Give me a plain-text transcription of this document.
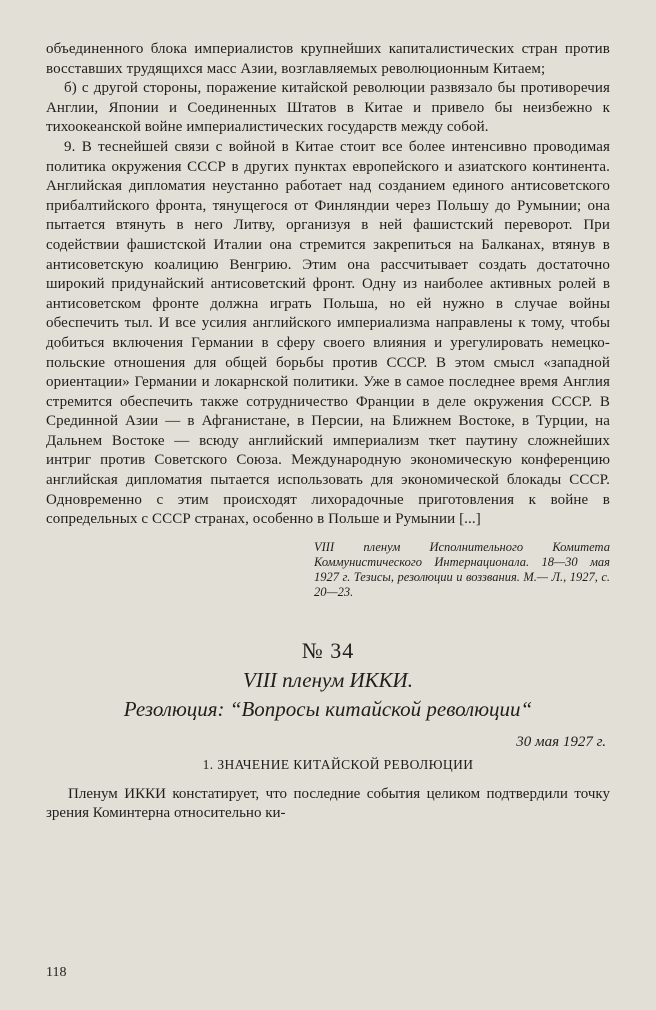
объединенного блока империалистов крупнейших капиталистических стран против восставших трудящихся масс Азии, возглавляемых революционным Китаем;

б) с другой стороны, поражение китайской революции развязало бы противоречия Англии, Японии и Соединенных Штатов в Китае и привело бы неизбежно к тихоокеанской войне империалистических государств между собой.

9. В теснейшей связи с войной в Китае стоит все более интенсивно проводимая политика окружения СССР в других пунктах европейского и азиатского континента. Английская дипломатия неустанно работает над созданием единого антисоветского прибалтийского фронта, тянущегося от Финляндии через Польшу до Румынии; она пытается втянуть в него Литву, организуя в ней фашистский переворот. При содействии фашистской Италии она стремится закрепиться на Балканах, втянув в антисоветскую коалицию Венгрию. Этим она рассчитывает создать достаточно широкий придунайский антисоветский фронт. Одну из наиболее активных ролей в антисоветском фронте должна играть Польша, но ей нужно в случае войны обеспечить тыл. И все усилия английского империализма направлены к тому, чтобы добиться включения Германии в сферу своего влияния и урегулировать немецко-польские отношения для общей борьбы против СССР. В этом смысл «западной ориентации» Германии и локарнской политики. Уже в самое последнее время Англия стремится обеспечить также сотрудничество Франции в деле окружения СССР. В Срединной Азии — в Афганистане, в Персии, на Ближнем Востоке, в Турции, на Дальнем Востоке — всюду английский империализм ткет паутину сложнейших интриг против Советского Союза. Международную экономическую конференцию английская дипломатия пытается использовать для экономической блокады СССР. Одновременно с этим происходят лихорадочные приготовления к войне в сопредельных с СССР странах, особенно в Польше и Румынии [...]

VIII пленум Исполнительного Комитета Коммунистического Интернационала. 18—30 мая 1927 г. Тезисы, резолюции и воззвания. М.— Л., 1927, с. 20—23.
№ 34
VIII пленум ИККИ.
Резолюция: “Вопросы китайской революции“
30 мая 1927 г.
1. ЗНАЧЕНИЕ КИТАЙСКОЙ РЕВОЛЮЦИИ

Пленум ИККИ констатирует, что последние события целиком подтвердили точку зрения Коминтерна относительно ки-

118
